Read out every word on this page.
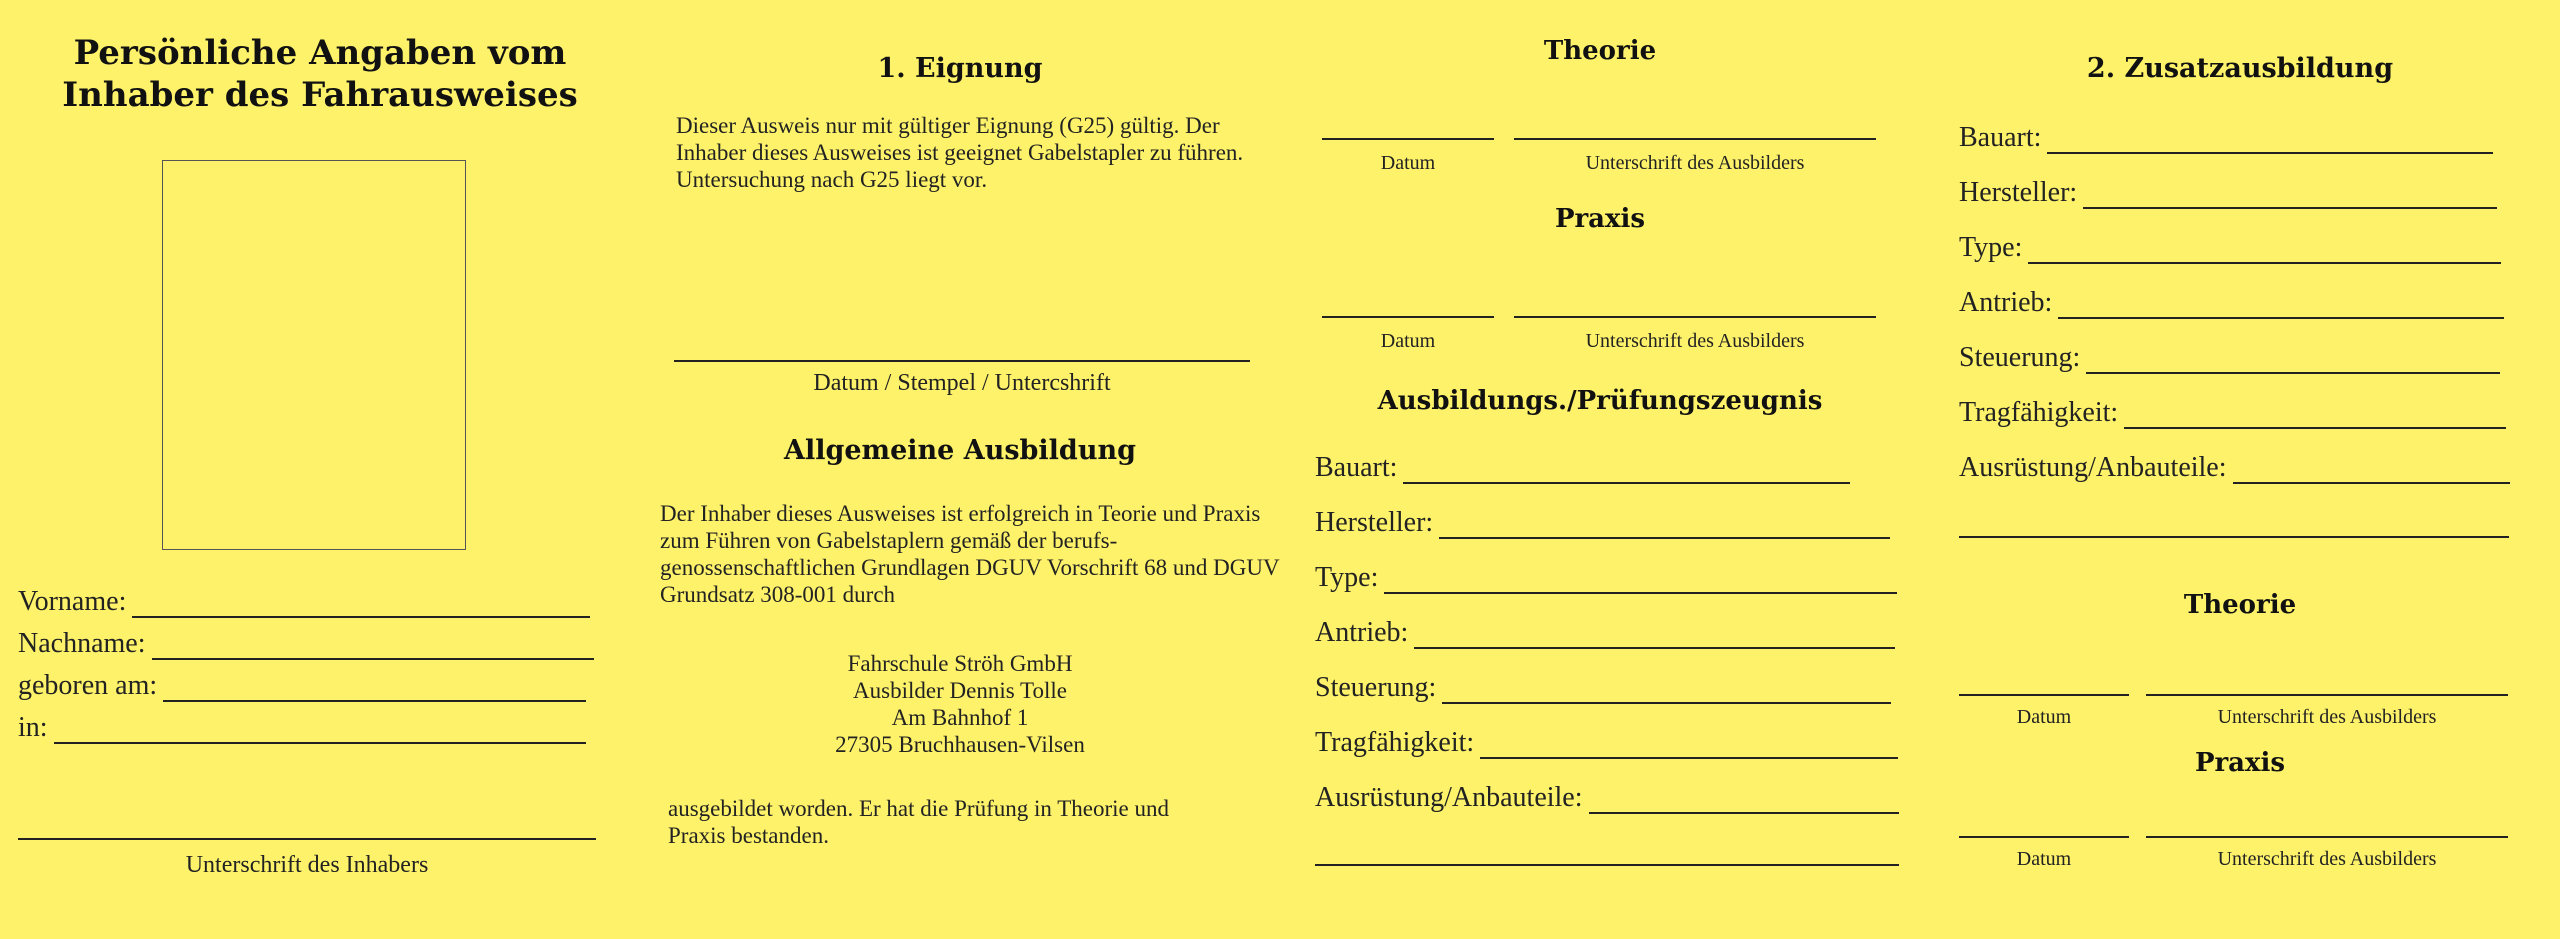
Persönliche Angaben vom Inhaber des Fahrausweises
Vorname:
Nachname:
geboren am:
in:
Unterschrift des Inhabers
1. Eignung
Dieser Ausweis nur mit gültiger Eignung (G25) gültig. Der Inhaber dieses Ausweises ist geeignet Gabelstapler zu führen. Untersuchung nach G25 liegt vor.
Datum / Stempel / Untercshrift
Allgemeine Ausbildung
Der Inhaber dieses Ausweises ist erfolgreich in Teorie und Praxis zum Führen von Gabelstaplern gemäß der berufs-genossenschaftlichen Grundlagen DGUV Vorschrift 68 und DGUV Grundsatz 308-001 durch
Fahrschule Ströh GmbH
Ausbilder Dennis Tolle
Am Bahnhof 1
27305 Bruchhausen-Vilsen
ausgebildet worden. Er hat die Prüfung in Theorie und Praxis bestanden.
Theorie
Datum	Unterschrift des Ausbilders
Praxis
Datum	Unterschrift des Ausbilders
Ausbildungs./Prüfungszeugnis
Bauart:
Hersteller:
Type:
Antrieb:
Steuerung:
Tragfähigkeit:
Ausrüstung/Anbauteile:
2. Zusatzausbildung
Bauart:
Hersteller:
Type:
Antrieb:
Steuerung:
Tragfähigkeit:
Ausrüstung/Anbauteile:
Theorie
Datum	Unterschrift des Ausbilders
Praxis
Datum	Unterschrift des Ausbilders
